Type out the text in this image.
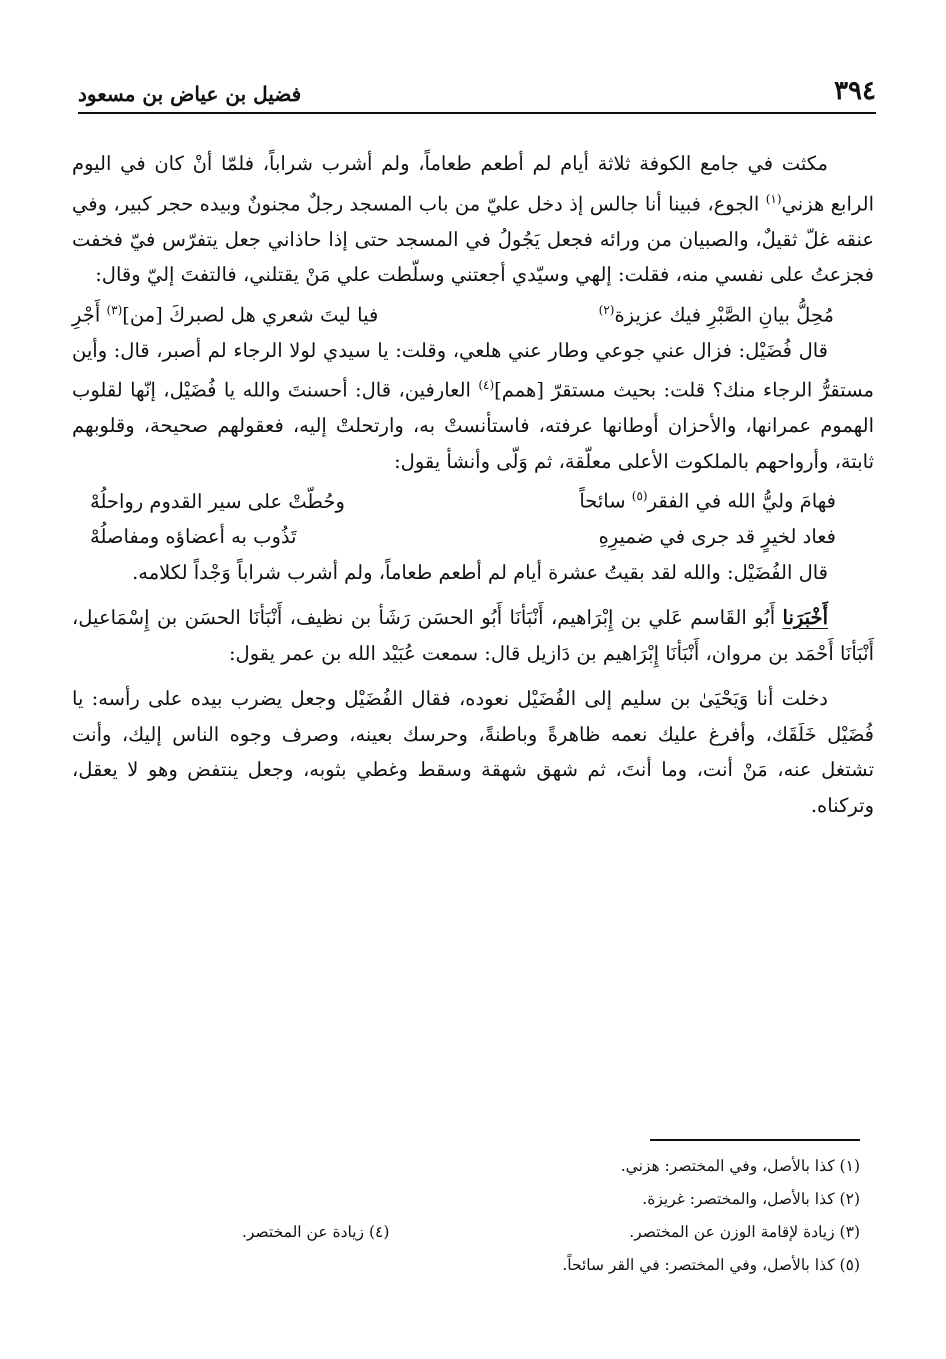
٣٩٤
فضيل بن عياض بن مسعود

مكثت في جامع الكوفة ثلاثة أيام لم أطعم طعاماً، ولم أشرب شراباً، فلمّا أنْ كان في اليوم الرابع هزني$^{(١)}$ الجوع، فبينا أنا جالس إذ دخل عليّ من باب المسجد رجلٌ مجنونٌ وبيده حجر كبير، وفي عنقه غلّ ثقيلٌ، والصبيان من ورائه فجعل يَجُولُ في المسجد حتى إذا حاذاني جعل يتفرّس فيّ فخفت فجزعتُ على نفسي منه، فقلت: إلهي وسيّدي أجعتني وسلّطت علي مَنْ يقتلني، فالتفتَ إليّ وقال:

مُحِلُّ بيانِ الصَّبْرِ فيك عزيزة$^{(٢)}$
فيا ليتَ شعري هل لصبركَ [من]$^{(٣)}$ أَجْرِ

قال فُضَيْل: فزال عني جوعي وطار عني هلعي، وقلت: يا سيدي لولا الرجاء لم أصبر، قال: وأين مستقرُّ الرجاء منك؟ قلت: بحيث مستقرّ [همم]$^{(٤)}$ العارفين، قال: أحسنتَ والله يا فُضَيْل، إنّها لقلوب الهموم عمرانها، والأحزان أوطانها عرفته، فاستأنستْ به، وارتحلتْ إليه، فعقولهم صحيحة، وقلوبهم ثابتة، وأرواحهم بالملكوت الأعلى معلّقة، ثم وَلّى وأنشأ يقول:

فهامَ وليُّ الله في الفقر$^{(٥)}$ سائحاً
وحُطّتْ على سير القدوم رواحلُهْ
فعاد لخيرٍ قد جرى في ضميرِهِ
تَذُوب به أعضاؤه ومفاصلُهْ

قال الفُضَيْل: والله لقد بقيتُ عشرة أيام لم أطعم طعاماً، ولم أشرب شراباً وَجْداً لكلامه.

أَخْبَرَنا أَبُو القَاسم عَلي بن إِبْرَاهيم، أَنْبَأنَا أَبُو الحسَن رَشَأ بن نظيف، أَنْبَأنَا الحسَن بن إِسْمَاعيل، أَنْبَأنَا أَحْمَد بن مروان، أَنْبَأنَا إِبْرَاهيم بن دَازيل قال: سمعت عُبَيْد الله بن عمر يقول:

دخلت أنا وَيَحْيَىٰ بن سليم إلى الفُضَيْل نعوده، فقال الفُضَيْل وجعل يضرب بيده على رأسه: يا فُضَيْل خَلَقَك، وأفرغ عليك نعمه ظاهرةً وباطنةً، وحرسك بعينه، وصرف وجوه الناس إليك، وأنت تشتغل عنه، مَنْ أنت، وما أنتَ، ثم شهق شهقة وسقط وغطي بثوبه، وجعل ينتفض وهو لا يعقل، وتركناه.

(١) كذا بالأصل، وفي المختصر: هزني.
(٢) كذا بالأصل، والمختصر: غريزة.
(٣) زيادة لإقامة الوزن عن المختصر.
(٤) زيادة عن المختصر.
(٥) كذا بالأصل، وفي المختصر: في القر سائحاً.
